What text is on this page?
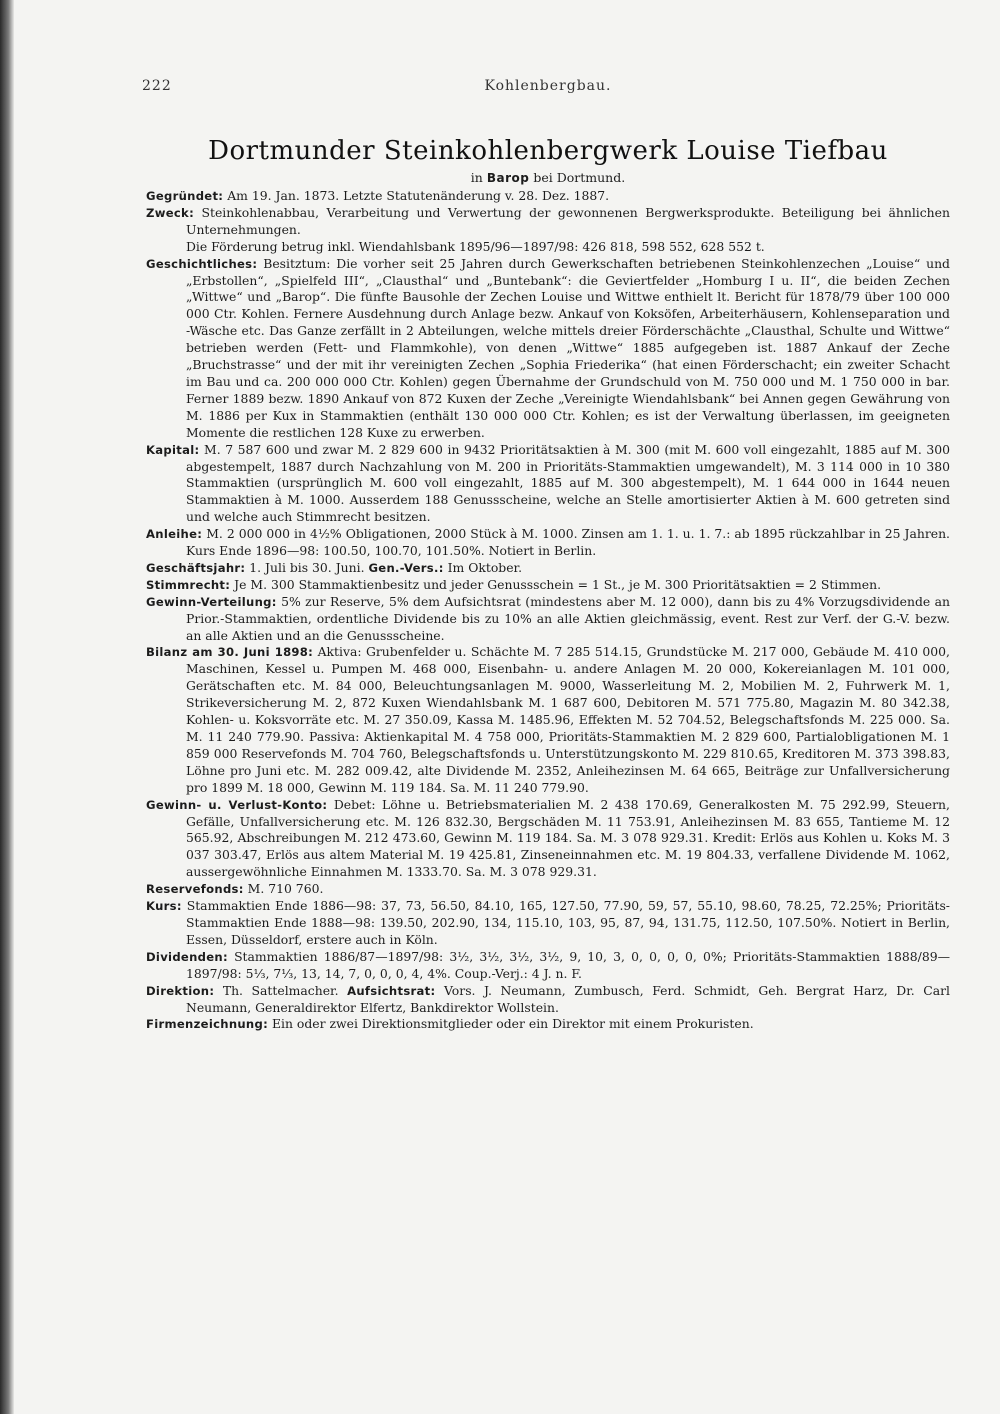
222	Kohlenbergbau.
Dortmunder Steinkohlenbergwerk Louise Tiefbau
in Barop bei Dortmund.

Gegründet: Am 19. Jan. 1873. Letzte Statutenänderung v. 28. Dez. 1887.

Zweck: Steinkohlenabbau, Verarbeitung und Verwertung der gewonnenen Bergwerksprodukte. Beteiligung bei ähnlichen Unternehmungen.

Die Förderung betrug inkl. Wiendahlsbank 1895/96—1897/98: 426 818, 598 552, 628 552 t.

Geschichtliches: Besitztum: Die vorher seit 25 Jahren durch Gewerkschaften betriebenen Steinkohlenzechen „Louise“ und „Erbstollen“, „Spielfeld III“, „Clausthal“ und „Buntebank“: die Geviertfelder „Homburg I u. II“, die beiden Zechen „Wittwe“ und „Barop“. Die fünfte Bausohle der Zechen Louise und Wittwe enthielt lt. Bericht für 1878/79 über 100 000 000 Ctr. Kohlen. Fernere Ausdehnung durch Anlage bezw. Ankauf von Koksöfen, Arbeiterhäusern, Kohlenseparation und -Wäsche etc. Das Ganze zerfällt in 2 Abteilungen, welche mittels dreier Förderschächte „Clausthal, Schulte und Wittwe“ betrieben werden (Fett- und Flammkohle), von denen „Wittwe“ 1885 aufgegeben ist. 1887 Ankauf der Zeche „Bruchstrasse“ und der mit ihr vereinigten Zechen „Sophia Friederika“ (hat einen Förderschacht; ein zweiter Schacht im Bau und ca. 200 000 000 Ctr. Kohlen) gegen Übernahme der Grundschuld von M. 750 000 und M. 1 750 000 in bar. Ferner 1889 bezw. 1890 Ankauf von 872 Kuxen der Zeche „Vereinigte Wiendahlsbank“ bei Annen gegen Gewährung von M. 1886 per Kux in Stammaktien (enthält 130 000 000 Ctr. Kohlen; es ist der Verwaltung überlassen, im geeigneten Momente die restlichen 128 Kuxe zu erwerben.

Kapital: M. 7 587 600 und zwar M. 2 829 600 in 9432 Prioritätsaktien à M. 300 (mit M. 600 voll eingezahlt, 1885 auf M. 300 abgestempelt, 1887 durch Nachzahlung von M. 200 in Prioritäts-Stammaktien umgewandelt), M. 3 114 000 in 10 380 Stammaktien (ursprünglich M. 600 voll eingezahlt, 1885 auf M. 300 abgestempelt), M. 1 644 000 in 1644 neuen Stammaktien à M. 1000. Ausserdem 188 Genussscheine, welche an Stelle amortisierter Aktien à M. 600 getreten sind und welche auch Stimmrecht besitzen.

Anleihe: M. 2 000 000 in 4½% Obligationen, 2000 Stück à M. 1000. Zinsen am 1. 1. u. 1. 7.: ab 1895 rückzahlbar in 25 Jahren. Kurs Ende 1896—98: 100.50, 100.70, 101.50%. Notiert in Berlin.

Geschäftsjahr: 1. Juli bis 30. Juni. Gen.-Vers.: Im Oktober.

Stimmrecht: Je M. 300 Stammaktienbesitz und jeder Genussschein = 1 St., je M. 300 Prioritätsaktien = 2 Stimmen.

Gewinn-Verteilung: 5% zur Reserve, 5% dem Aufsichtsrat (mindestens aber M. 12 000), dann bis zu 4% Vorzugsdividende an Prior.-Stammaktien, ordentliche Dividende bis zu 10% an alle Aktien gleichmässig, event. Rest zur Verf. der G.-V. bezw. an alle Aktien und an die Genussscheine.

Bilanz am 30. Juni 1898: Aktiva: Grubenfelder u. Schächte M. 7 285 514.15, Grundstücke M. 217 000, Gebäude M. 410 000, Maschinen, Kessel u. Pumpen M. 468 000, Eisenbahn- u. andere Anlagen M. 20 000, Kokereianlagen M. 101 000, Gerätschaften etc. M. 84 000, Beleuchtungsanlagen M. 9000, Wasserleitung M. 2, Mobilien M. 2, Fuhrwerk M. 1, Strikeversicherung M. 2, 872 Kuxen Wiendahlsbank M. 1 687 600, Debitoren M. 571 775.80, Magazin M. 80 342.38, Kohlen- u. Koksvorräte etc. M. 27 350.09, Kassa M. 1485.96, Effekten M. 52 704.52, Belegschaftsfonds M. 225 000. Sa. M. 11 240 779.90. Passiva: Aktienkapital M. 4 758 000, Prioritäts-Stammaktien M. 2 829 600, Partialobligationen M. 1 859 000 Reservefonds M. 704 760, Belegschaftsfonds u. Unterstützungskonto M. 229 810.65, Kreditoren M. 373 398.83, Löhne pro Juni etc. M. 282 009.42, alte Dividende M. 2352, Anleihezinsen M. 64 665, Beiträge zur Unfallversicherung pro 1899 M. 18 000, Gewinn M. 119 184. Sa. M. 11 240 779.90.

Gewinn- u. Verlust-Konto: Debet: Löhne u. Betriebsmaterialien M. 2 438 170.69, Generalkosten M. 75 292.99, Steuern, Gefälle, Unfallversicherung etc. M. 126 832.30, Bergschäden M. 11 753.91, Anleihezinsen M. 83 655, Tantieme M. 12 565.92, Abschreibungen M. 212 473.60, Gewinn M. 119 184. Sa. M. 3 078 929.31. Kredit: Erlös aus Kohlen u. Koks M. 3 037 303.47, Erlös aus altem Material M. 19 425.81, Zinseneinnahmen etc. M. 19 804.33, verfallene Dividende M. 1062, aussergewöhnliche Einnahmen M. 1333.70. Sa. M. 3 078 929.31.

Reservefonds: M. 710 760.

Kurs: Stammaktien Ende 1886—98: 37, 73, 56.50, 84.10, 165, 127.50, 77.90, 59, 57, 55.10, 98.60, 78.25, 72.25%; Prioritäts-Stammaktien Ende 1888—98: 139.50, 202.90, 134, 115.10, 103, 95, 87, 94, 131.75, 112.50, 107.50%. Notiert in Berlin, Essen, Düsseldorf, erstere auch in Köln.

Dividenden: Stammaktien 1886/87—1897/98: 3½, 3½, 3½, 3½, 9, 10, 3, 0, 0, 0, 0, 0%; Prioritäts-Stammaktien 1888/89—1897/98: 5⅓, 7⅓, 13, 14, 7, 0, 0, 0, 4, 4%. Coup.-Verj.: 4 J. n. F.

Direktion: Th. Sattelmacher. Aufsichtsrat: Vors. J. Neumann, Zumbusch, Ferd. Schmidt, Geh. Bergrat Harz, Dr. Carl Neumann, Generaldirektor Elfertz, Bankdirektor Wollstein.

Firmenzeichnung: Ein oder zwei Direktionsmitglieder oder ein Direktor mit einem Prokuristen.
